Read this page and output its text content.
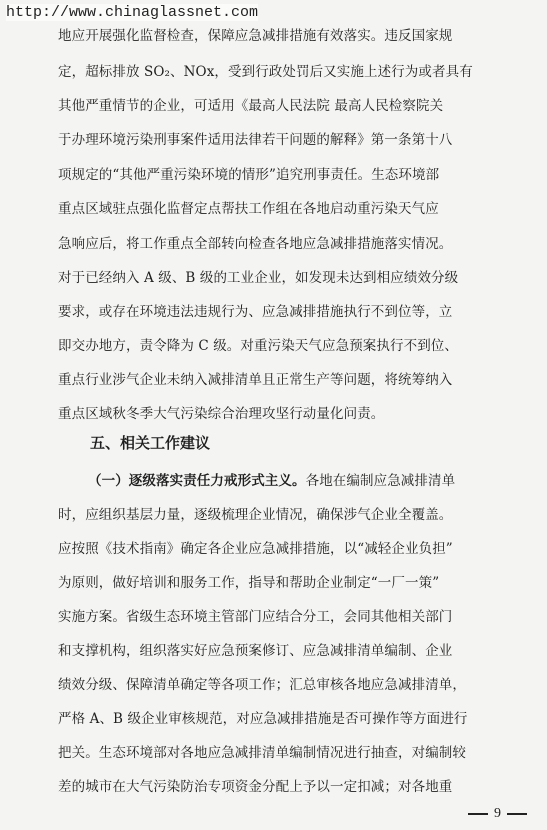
http://www.chinaglassnet.com
地应开展强化监督检查，保障应急减排措施有效落实。违反国家规
定，超标排放 SO₂、NOx，受到行政处罚后又实施上述行为或者具有
其他严重情节的企业，可适用《最高人民法院 最高人民检察院关
于办理环境污染刑事案件适用法律若干问题的解释》第一条第十八
项规定的“其他严重污染环境的情形”追究刑事责任。生态环境部
重点区域驻点强化监督定点帮扶工作组在各地启动重污染天气应
急响应后，将工作重点全部转向检查各地应急减排措施落实情况。
对于已经纳入 A 级、B 级的工业企业，如发现未达到相应绩效分级
要求，或存在环境违法违规行为、应急减排措施执行不到位等，立
即交办地方，责令降为 C 级。对重污染天气应急预案执行不到位、
重点行业涉气企业未纳入减排清单且正常生产等问题，将统筹纳入
重点区域秋冬季大气污染综合治理攻坚行动量化问责。
五、相关工作建议
（一）逐级落实责任力戒形式主义。各地在编制应急减排清单
时，应组织基层力量，逐级梳理企业情况，确保涉气企业全覆盖。
应按照《技术指南》确定各企业应急减排措施，以“减轻企业负担”
为原则，做好培训和服务工作，指导和帮助企业制定“一厂一策”
实施方案。省级生态环境主管部门应结合分工，会同其他相关部门
和支撑机构，组织落实好应急预案修订、应急减排清单编制、企业
绩效分级、保障清单确定等各项工作；汇总审核各地应急减排清单，
严格 A、B 级企业审核规范，对应急减排措施是否可操作等方面进行
把关。生态环境部对各地应急减排清单编制情况进行抽查，对编制较
差的城市在大气污染防治专项资金分配上予以一定扣减；对各地重
9
